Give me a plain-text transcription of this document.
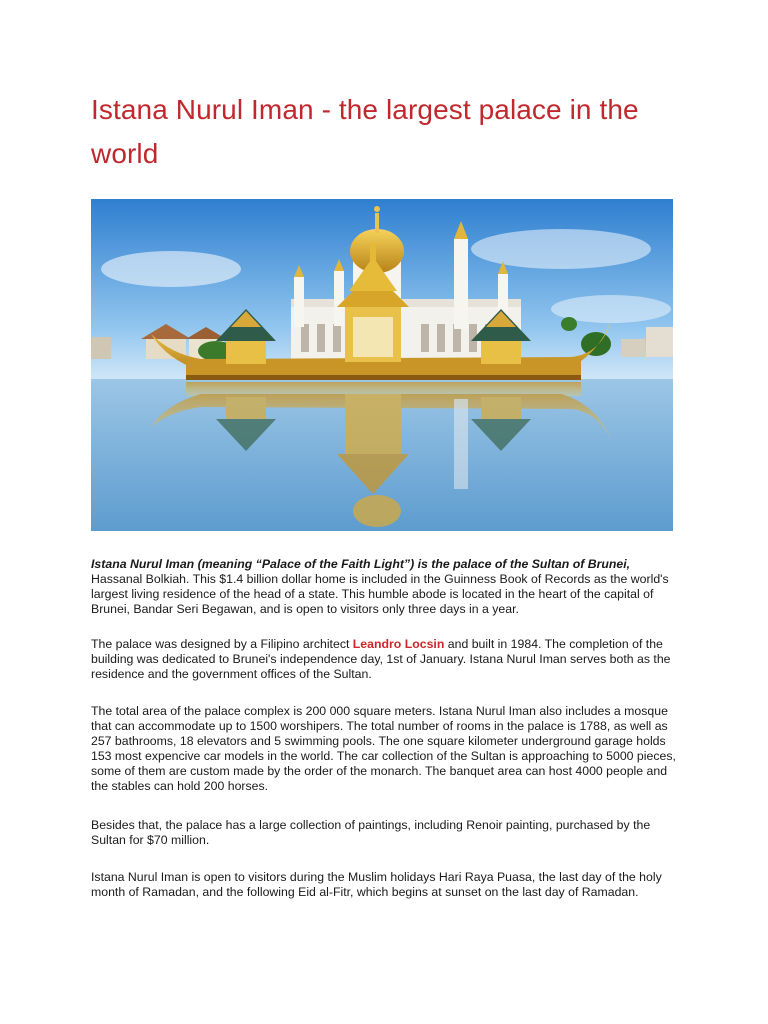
Istana Nurul Iman - the largest palace in the world
Istana Nurul Iman (meaning “Palace of the Faith Light”) is the palace of the Sultan of Brunei, Hassanal Bolkiah. This $1.4 billion dollar home is included in the Guinness Book of Records as the world's largest living residence of the head of a state. This humble abode is located in the heart of the capital of Brunei, Bandar Seri Begawan, and is open to visitors only three days in a year.
The palace was designed by a Filipino architect Leandro Locsin and built in 1984. The completion of the building was dedicated to Brunei's independence day, 1st of January. Istana Nurul Iman serves both as the residence and the government offices of the Sultan.
The total area of the palace complex is 200 000 square meters. Istana Nurul Iman also includes a mosque that can accommodate up to 1500 worshipers. The total number of rooms in the palace is 1788, as well as 257 bathrooms, 18 elevators and 5 swimming pools. The one square kilometer underground garage holds 153 most expencive car models in the world. The car collection of the Sultan is approaching to 5000 pieces, some of them are custom made by the order of the monarch. The banquet area can host 4000 people and the stables can hold 200 horses.
Besides that, the palace has a large collection of paintings, including Renoir painting, purchased by the Sultan for $70 million.
Istana Nurul Iman is open to visitors during the Muslim holidays Hari Raya Puasa, the last day of the holy month of Ramadan, and the following Eid al-Fitr, which begins at sunset on the last day of Ramadan.
